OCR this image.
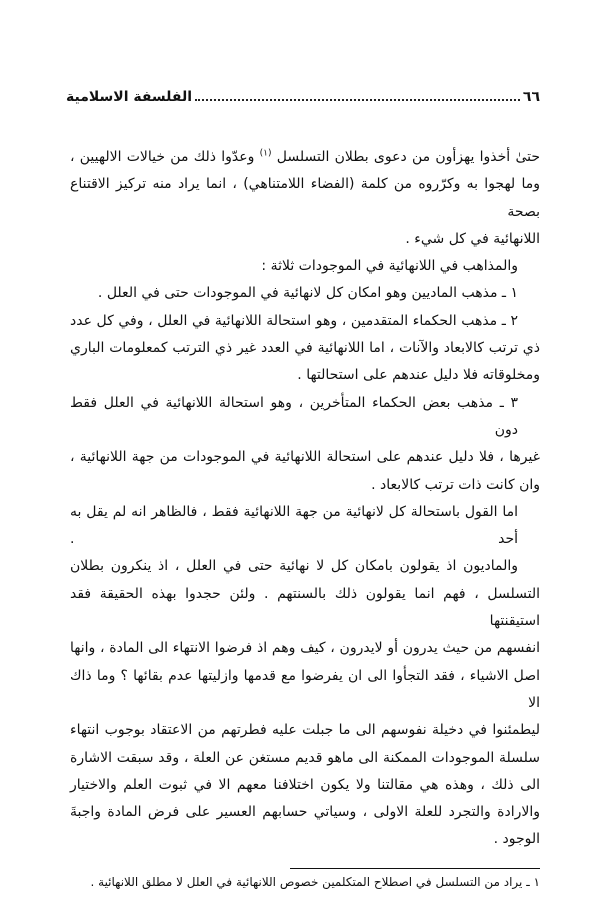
٦٦
الفلسفة الاسلامية
حتىٰ أخذوا يهزأون من دعوى بطلان التسلسل $^{(١)}$ وعدّوا ذلك من خيالات الالهيين ،
وما لهجوا به وكرّروه من كلمة (الفضاء اللامتناهي) ، انما يراد منه تركيز الاقتناع بصحة
اللانهائية في كل شيء .
والمذاهب في اللانهائية في الموجودات ثلاثة :
١ ـ مذهب الماديين وهو امكان كل لانهائية في الموجودات حتى في العلل .
٢ ـ مذهب الحكماء المتقدمين ، وهو استحالة اللانهائية في العلل ، وفي كل عدد
ذي ترتب كالابعاد والآنات ، اما اللانهائية في العدد غير ذي الترتب كمعلومات الباري
ومخلوقاته فلا دليل عندهم على استحالتها .
٣ ـ مذهب بعض الحكماء المتأخرين ، وهو استحالة اللانهائية في العلل فقط دون
غيرها ، فلا دليل عندهم على استحالة اللانهائية في الموجودات من جهة اللانهائية ،
وان كانت ذات ترتب كالابعاد .
اما القول باستحالة كل لانهائية من جهة اللانهائية فقط ، فالظاهر انه لم يقل به أحد .
والماديون اذ يقولون بامكان كل لا نهائية حتى في العلل ، اذ ينكرون بطلان
التسلسل ، فهم انما يقولون ذلك بالسنتهم . ولئن حجدوا بهذه الحقيقة فقد استيقنتها
انفسهم من حيث يدرون أو لايدرون ، كيف وهم اذ فرضوا الانتهاء الى المادة ، وانها
اصل الاشياء ، فقد التجأوا الى ان يفرضوا مع قدمها وازليتها عدم بقائها ؟ وما ذاك الا
ليطمئنوا في دخيلة نفوسهم الى ما جبلت عليه فطرتهم من الاعتقاد بوجوب انتهاء
سلسلة الموجودات الممكنة الى ماهو قديم مستغن عن العلة ، وقد سبقت الاشارة
الى ذلك ، وهذه هي مقالتنا ولا يكون اختلافنا معهم الا في ثبوت العلم والاختيار
والارادة والتجرد للعلة الاولى ، وسياتي حسابهم العسير على فرض المادة واجبةَ
الوجود .
١ ـ يراد من التسلسل في اصطلاح المتكلمين خصوص اللانهائية في العلل لا مطلق اللانهائية .
